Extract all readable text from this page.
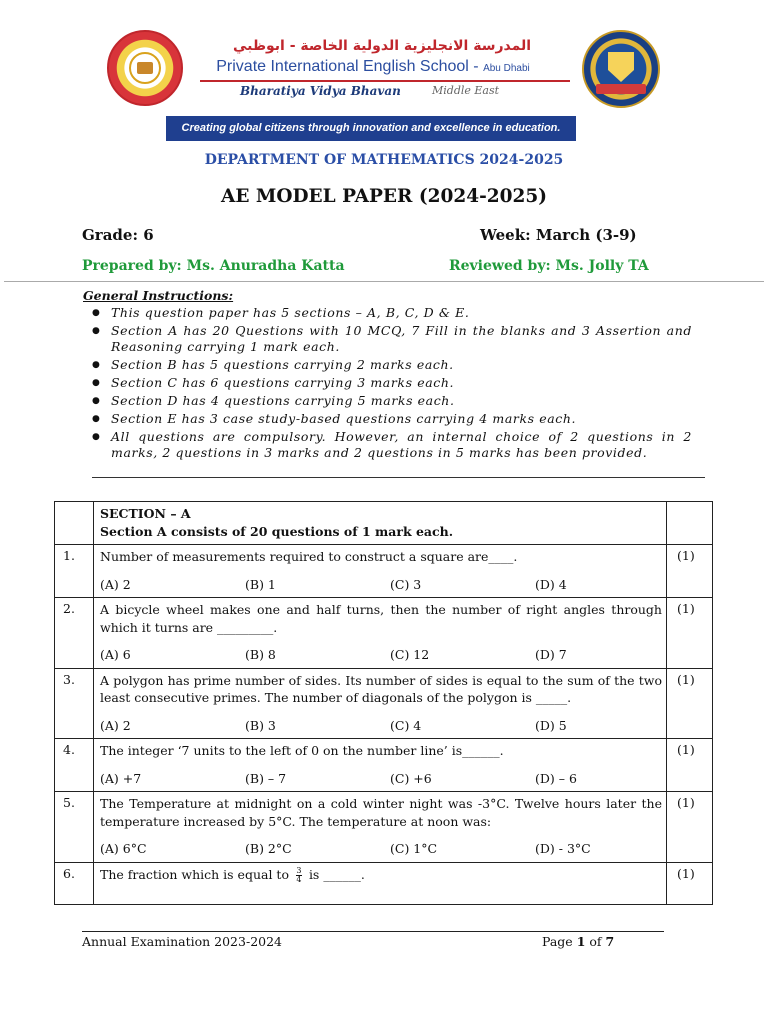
المدرسة الانجليزية الدولية الخاصة - ابوظبي
Private International English School - Abu Dhabi
Bharatiya Vidya Bhavan	Middle East
Creating global citizens through innovation and excellence in education.
DEPARTMENT OF MATHEMATICS 2024-2025
AE MODEL PAPER (2024-2025)
Grade: 6	Week: March (3-9)
Prepared by: Ms. Anuradha Katta	Reviewed by: Ms. Jolly TA
General Instructions:
● This question paper has 5 sections – A, B, C, D & E.
● Section A has 20 Questions with 10 MCQ, 7 Fill in the blanks and 3 Assertion and Reasoning carrying 1 mark each.
● Section B has 5 questions carrying 2 marks each.
● Section C has 6 questions carrying 3 marks each.
● Section D has 4 questions carrying 5 marks each.
● Section E has 3 case study-based questions carrying 4 marks each.
● All questions are compulsory. However, an internal choice of 2 questions in 2 marks, 2 questions in 3 marks and 2 questions in 5 marks has been provided.

	SECTION – A
Section A consists of 20 questions of 1 mark each.	

1.	Number of measurements required to construct a square are____.
(A) 2 (B) 1 (C) 3 (D) 4	(1)
2.	A bicycle wheel makes one and half turns, then the number of right angles through which it turns are _________.
(A) 6 (B) 8 (C) 12 (D) 7	(1)
3.	A polygon has prime number of sides. Its number of sides is equal to the sum of the two least consecutive primes. The number of diagonals of the polygon is _____.
(A) 2 (B) 3 (C) 4 (D) 5	(1)
4.	The integer ‘7 units to the left of 0 on the number line’ is______.
(A) +7 (B) – 7 (C) +6 (D) – 6	(1)
5.	The Temperature at midnight on a cold winter night was -3°C. Twelve hours later the temperature increased by 5°C. The temperature at noon was:
(A) 6°C (B) 2°C (C) 1°C (D) - 3°C	(1)
6.	The fraction which is equal to $\frac{3}{4}$ is ______.	(1)
Annual Examination 2023-2024	Page 1 of 7
